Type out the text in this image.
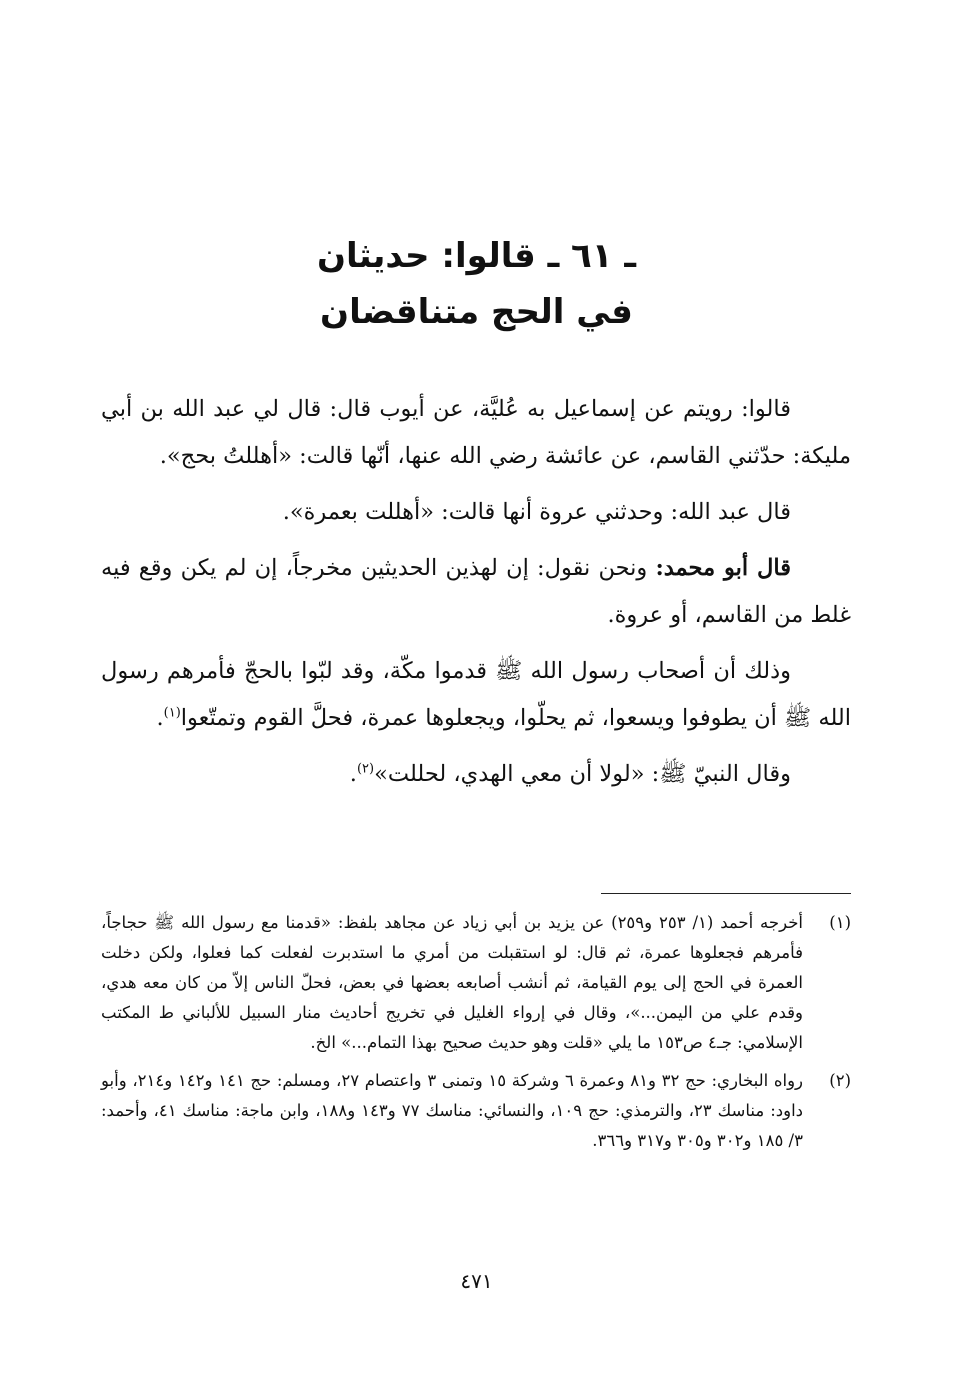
ـ ٦١ ـ قالوا: حديثان
في الحج متناقضان

قالوا: رويتم عن إسماعيل به عُليَّة، عن أيوب قال: قال لي عبد الله بن أبي مليكة: حدّثني القاسم، عن عائشة رضي الله عنها، أنّها قالت: «أهللتُ بحج».

قال عبد الله: وحدثني عروة أنها قالت: «أهللت بعمرة».

قال أبو محمد: ونحن نقول: إن لهذين الحديثين مخرجاً، إن لم يكن وقع فيه غلط من القاسم، أو عروة.

وذلك أن أصحاب رسول الله ﷺ قدموا مكّة، وقد لبّوا بالحجّ فأمرهم رسول الله ﷺ أن يطوفوا ويسعوا، ثم يحلّوا، ويجعلوها عمرة، فحلَّ القوم وتمتّعوا$^{(١)}$.

وقال النبيّ ﷺ: «لولا أن معي الهدي، لحللت»$^{(٢)}$.

(١)
أخرجه أحمد (١/ ٢٥٣ و٢٥٩) عن يزيد بن أبي زياد عن مجاهد بلفظ: «قدمنا مع رسول الله ﷺ حجاجاً، فأمرهم فجعلوها عمرة، ثم قال: لو استقبلت من أمري ما استدبرت لفعلت كما فعلوا، ولكن دخلت العمرة في الحج إلى يوم القيامة، ثم أنشب أصابعه بعضها في بعض، فحلّ الناس إلاّ من كان معه هدي، وقدم علي من اليمن...»، وقال في إرواء الغليل في تخريج أحاديث منار السبيل للألباني ط المكتب الإسلامي: جـ٤ ص١٥٣ ما يلي «قلت وهو حديث صحيح بهذا التمام...» الخ.
(٢)
رواه البخاري: حج ٣٢ و٨١ وعمرة ٦ وشركة ١٥ وتمنى ٣ واعتصام ٢٧، ومسلم: حج ١٤١ و١٤٢ و٢١٤، وأبو داود: مناسك ٢٣، والترمذي: حج ١٠٩، والنسائي: مناسك ٧٧ و١٤٣ و١٨٨، وابن ماجة: مناسك ٤١، وأحمد: ٣/ ١٨٥ و٣٠٢ و٣٠٥ و٣١٧ و٣٦٦.
٤٧١
